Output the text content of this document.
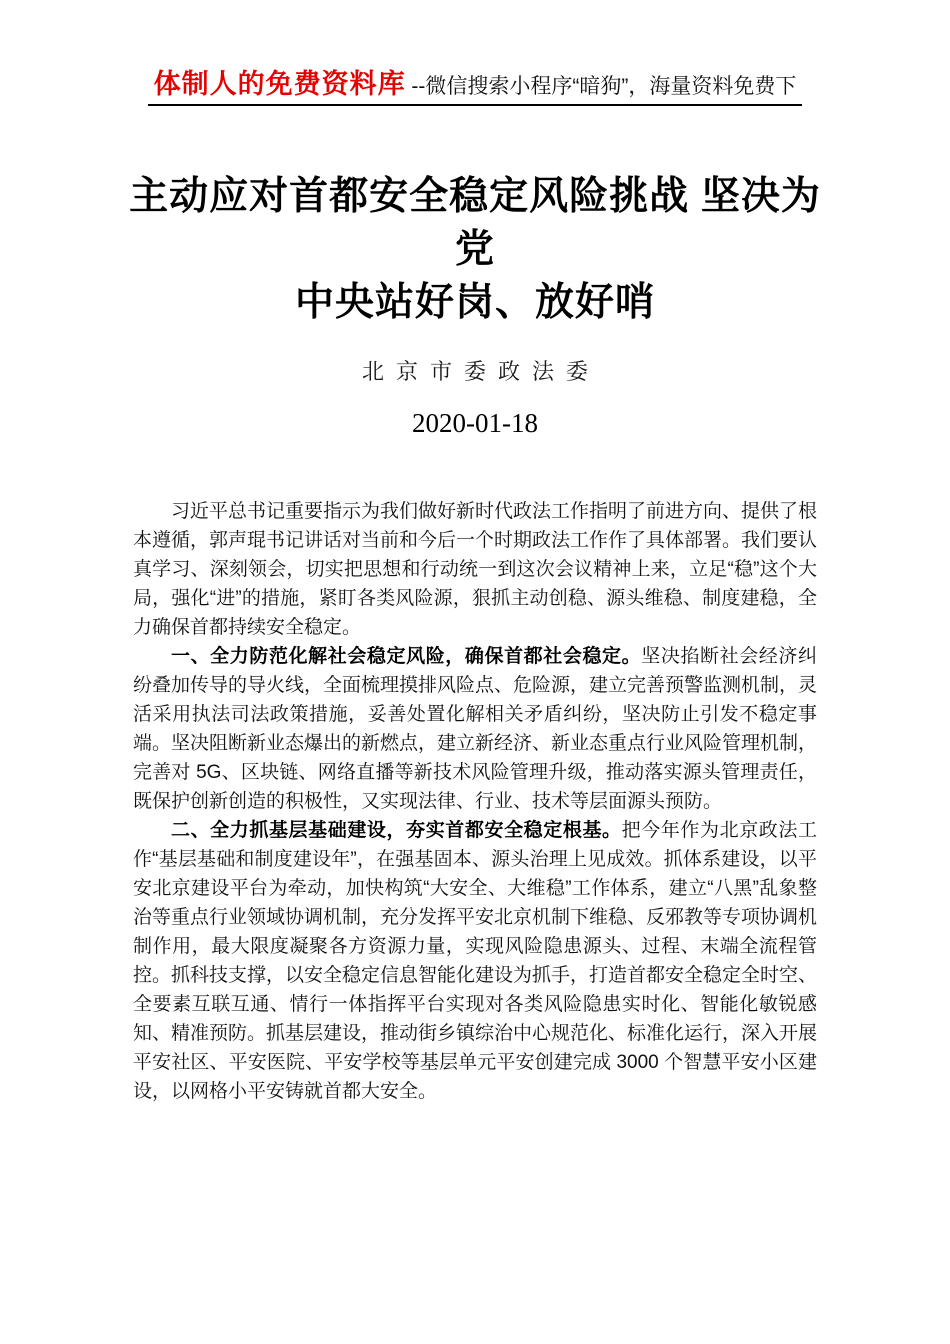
体制人的免费资料库 --微信搜索小程序“暗狗”，海量资料免费下
主动应对首都安全稳定风险挑战 坚决为党
中央站好岗、放好哨
北京市委政法委
2020-01-18

习近平总书记重要指示为我们做好新时代政法工作指明了前进方向、提供了根本遵循，郭声琨书记讲话对当前和今后一个时期政法工作作了具体部署。我们要认真学习、深刻领会，切实把思想和行动统一到这次会议精神上来，立足“稳”这个大局，强化“进”的措施，紧盯各类风险源，狠抓主动创稳、源头维稳、制度建稳，全力确保首都持续安全稳定。

一、全力防范化解社会稳定风险，确保首都社会稳定。坚决掐断社会经济纠纷叠加传导的导火线，全面梳理摸排风险点、危险源，建立完善预警监测机制，灵活采用执法司法政策措施，妥善处置化解相关矛盾纠纷，坚决防止引发不稳定事端。坚决阻断新业态爆出的新燃点，建立新经济、新业态重点行业风险管理机制，完善对 5G、区块链、网络直播等新技术风险管理升级，推动落实源头管理责任，既保护创新创造的积极性，又实现法律、行业、技术等层面源头预防。

二、全力抓基层基础建设，夯实首都安全稳定根基。把今年作为北京政法工作“基层基础和制度建设年”，在强基固本、源头治理上见成效。抓体系建设，以平安北京建设平台为牵动，加快构筑“大安全、大维稳”工作体系，建立“八黑”乱象整治等重点行业领域协调机制，充分发挥平安北京机制下维稳、反邪教等专项协调机制作用，最大限度凝聚各方资源力量，实现风险隐患源头、过程、末端全流程管控。抓科技支撑，以安全稳定信息智能化建设为抓手，打造首都安全稳定全时空、全要素互联互通、情行一体指挥平台实现对各类风险隐患实时化、智能化敏锐感知、精准预防。抓基层建设，推动街乡镇综治中心规范化、标准化运行，深入开展平安社区、平安医院、平安学校等基层单元平安创建完成 3000 个智慧平安小区建设，以网格小平安铸就首都大安全。
